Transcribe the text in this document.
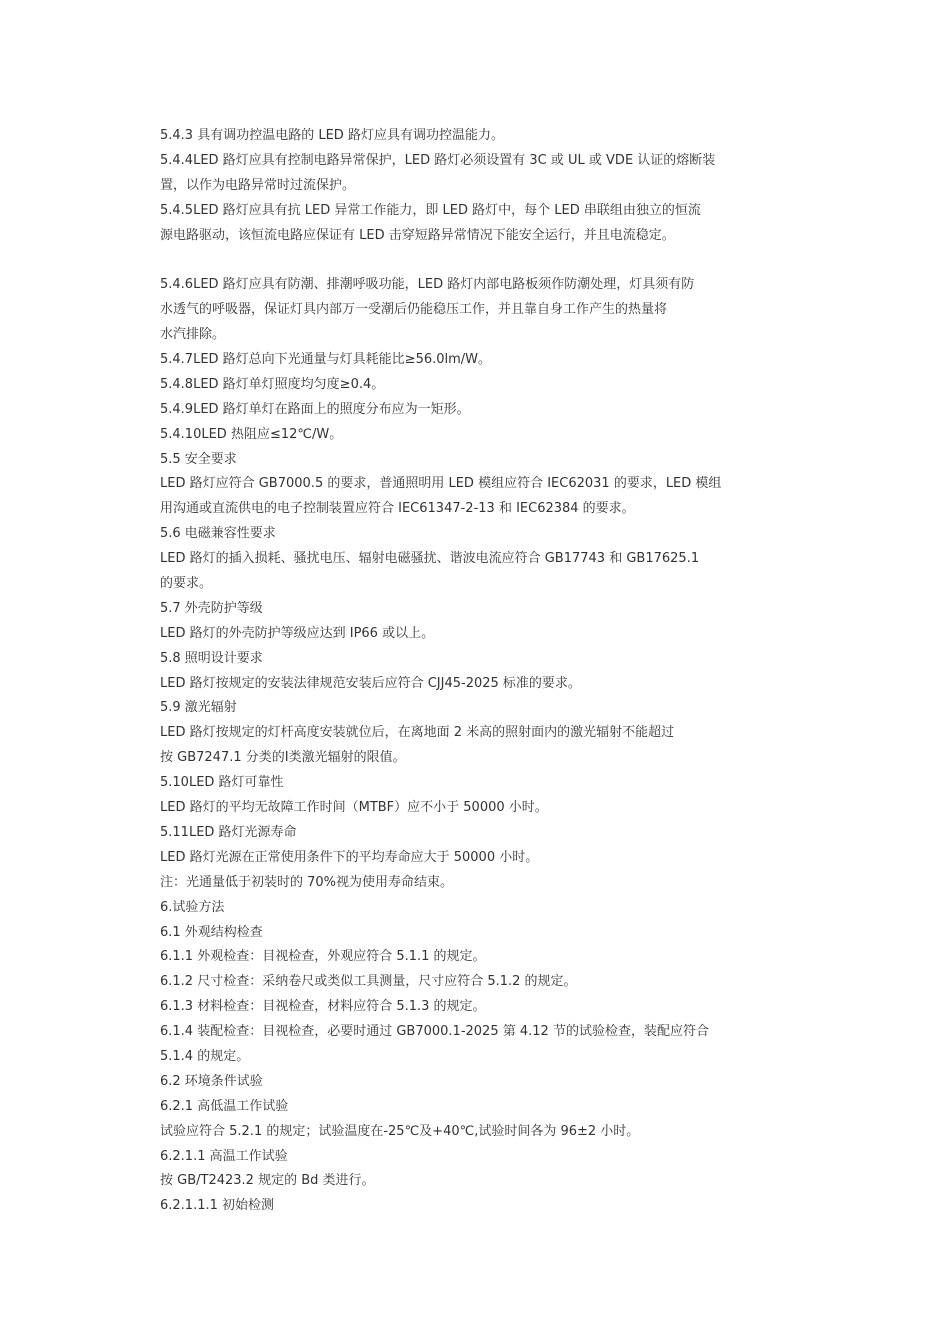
5.4.3 具有调功控温电路的 LED 路灯应具有调功控温能力。
5.4.4LED 路灯应具有控制电路异常保护，LED 路灯必须设置有 3C 或 UL 或 VDE 认证的熔断装
置，以作为电路异常时过流保护。
5.4.5LED 路灯应具有抗 LED 异常工作能力，即 LED 路灯中，每个 LED 串联组由独立的恒流
源电路驱动，该恒流电路应保证有 LED 击穿短路异常情况下能安全运行，并且电流稳定。
5.4.6LED 路灯应具有防潮、排潮呼吸功能，LED 路灯内部电路板须作防潮处理，灯具须有防
水透气的呼吸器，保证灯具内部万一受潮后仍能稳压工作，并且靠自身工作产生的热量将
水汽排除。
5.4.7LED 路灯总向下光通量与灯具耗能比≥56.0lm/W。
5.4.8LED 路灯单灯照度均匀度≥0.4。
5.4.9LED 路灯单灯在路面上的照度分布应为一矩形。
5.4.10LED 热阻应≤12℃/W。
5.5 安全要求
LED 路灯应符合 GB7000.5 的要求，普通照明用 LED 模组应符合 IEC62031 的要求，LED 模组
用沟通或直流供电的电子控制装置应符合 IEC61347-2-13 和 IEC62384 的要求。
5.6 电磁兼容性要求
LED 路灯的插入损耗、骚扰电压、辐射电磁骚扰、谐波电流应符合 GB17743 和 GB17625.1
的要求。
5.7 外壳防护等级
LED 路灯的外壳防护等级应达到 IP66 或以上。
5.8 照明设计要求
LED 路灯按规定的安装法律规范安装后应符合 CJJ45-2025 标准的要求。
5.9 激光辐射
LED 路灯按规定的灯杆高度安装就位后，在离地面 2 米高的照射面内的激光辐射不能超过
按 GB7247.1 分类的Ⅰ类激光辐射的限值。
5.10LED 路灯可靠性
LED 路灯的平均无故障工作时间（MTBF）应不小于 50000 小时。
5.11LED 路灯光源寿命
LED 路灯光源在正常使用条件下的平均寿命应大于 50000 小时。
注：光通量低于初装时的 70%视为使用寿命结束。
6.试验方法
6.1 外观结构检查
6.1.1 外观检查：目视检查，外观应符合 5.1.1 的规定。
6.1.2 尺寸检查：采纳卷尺或类似工具测量，尺寸应符合 5.1.2 的规定。
6.1.3 材料检查：目视检查，材料应符合 5.1.3 的规定。
6.1.4 装配检查：目视检查，必要时通过 GB7000.1-2025 第 4.12 节的试验检查，装配应符合
5.1.4 的规定。
6.2 环境条件试验
6.2.1 高低温工作试验
试验应符合 5.2.1 的规定；试验温度在-25℃及+40℃,试验时间各为 96±2 小时。
6.2.1.1 高温工作试验
按 GB/T2423.2 规定的 Bd 类进行。
6.2.1.1.1 初始检测
